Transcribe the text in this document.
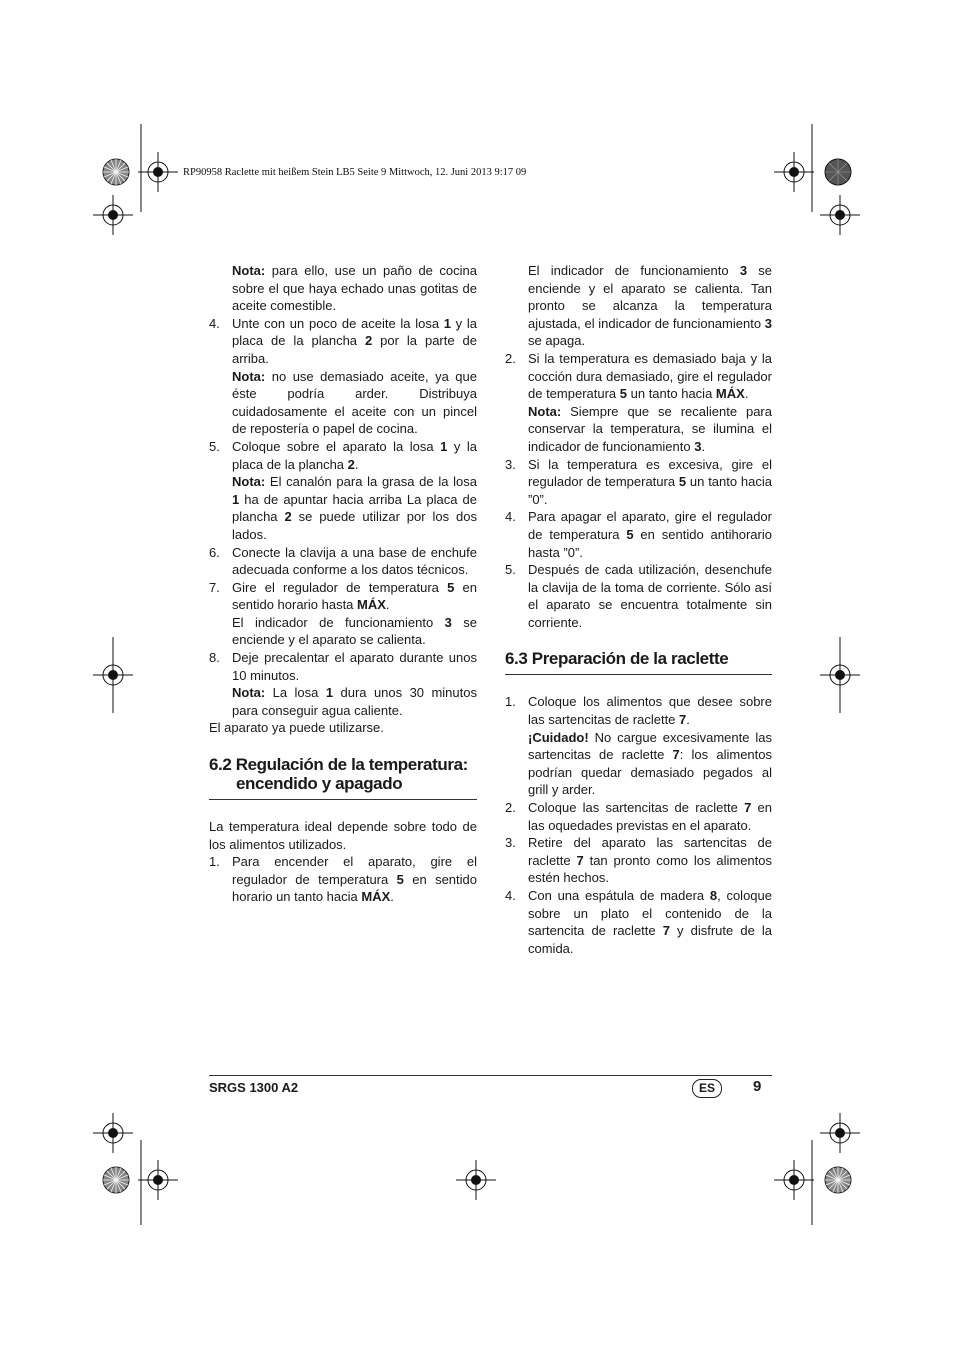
RP90958 Raclette mit heißem Stein LB5 Seite 9 Mittwoch, 12. Juni 2013 9:17 09

Nota: para ello, use un paño de cocina sobre el que haya echado unas gotitas de aceite comestible.

4. Unte con un poco de aceite la losa 1 y la placa de la plancha 2 por la parte de arriba.

Nota: no use demasiado aceite, ya que éste podría arder. Distribuya cuidadosamente el aceite con un pincel de repostería o papel de cocina.

5. Coloque sobre el aparato la losa 1 y la placa de la plancha 2.

Nota: El canalón para la grasa de la losa 1 ha de apuntar hacia arriba La placa de plancha 2 se puede utilizar por los dos lados.

6. Conecte la clavija a una base de enchufe adecuada conforme a los datos técnicos.

7. Gire el regulador de temperatura 5 en sentido horario hasta MÁX.

El indicador de funcionamiento 3 se enciende y el aparato se calienta.

8. Deje precalentar el aparato durante unos 10 minutos.

Nota: La losa 1 dura unos 30 minutos para conseguir agua caliente.

El aparato ya puede utilizarse.

6.2 Regulación de la temperatura:
encendido y apagado

La temperatura ideal depende sobre todo de los alimentos utilizados.

1. Para encender el aparato, gire el regulador de temperatura 5 en sentido horario un tanto hacia MÁX.

El indicador de funcionamiento 3 se enciende y el aparato se calienta. Tan pronto se alcanza la temperatura ajustada, el indicador de funcionamiento 3 se apaga.

2. Si la temperatura es demasiado baja y la cocción dura demasiado, gire el regulador de temperatura 5 un tanto hacia MÁX.

Nota: Siempre que se recaliente para conservar la temperatura, se ilumina el indicador de funcionamiento 3.

3. Si la temperatura es excesiva, gire el regulador de temperatura 5 un tanto hacia ”0”.

4. Para apagar el aparato, gire el regulador de temperatura 5 en sentido antihorario hasta ”0”.

5. Después de cada utilización, desenchufe la clavija de la toma de corriente. Sólo así el aparato se encuentra totalmente sin corriente.

6.3 Preparación de la raclette

1. Coloque los alimentos que desee sobre las sartencitas de raclette 7.

¡Cuidado! No cargue excesivamente las sartencitas de raclette 7: los alimentos podrían quedar demasiado pegados al grill y arder.

2. Coloque las sartencitas de raclette 7 en las oquedades previstas en el aparato.

3. Retire del aparato las sartencitas de raclette 7 tan pronto como los alimentos estén hechos.

4. Con una espátula de madera 8, coloque sobre un plato el contenido de la sartencita de raclette 7 y disfrute de la comida.

SRGS 1300 A2	ES	9
